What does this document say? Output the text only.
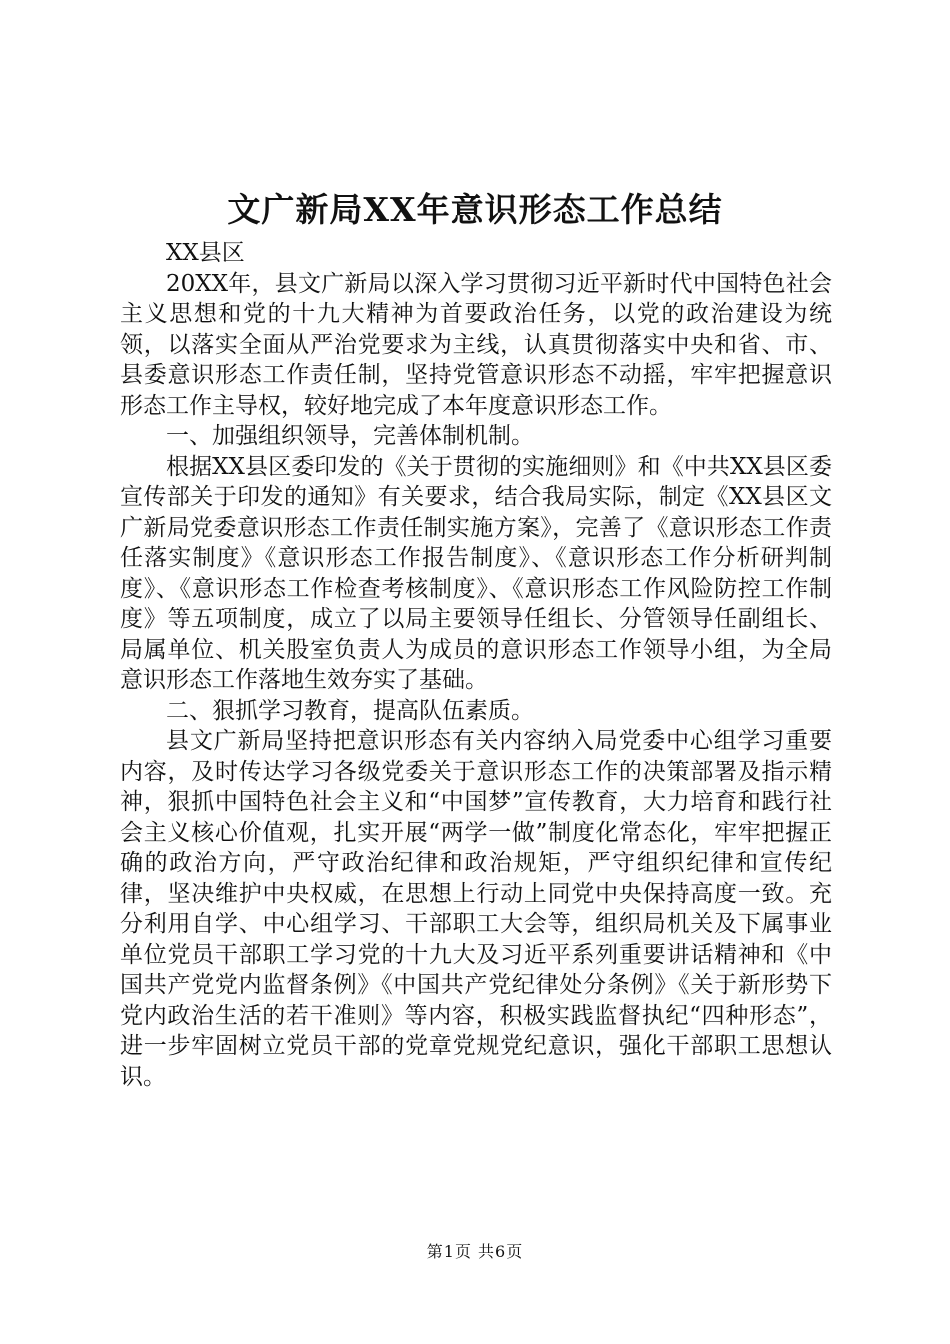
文广新局XX年意识形态工作总结

XX县区

20XX年，县文广新局以深入学习贯彻习近平新时代中国特色社会主义思想和党的十九大精神为首要政治任务，以党的政治建设为统领，以落实全面从严治党要求为主线，认真贯彻落实中央和省、市、县委意识形态工作责任制，坚持党管意识形态不动摇，牢牢把握意识形态工作主导权，较好地完成了本年度意识形态工作。

一、加强组织领导，完善体制机制。

根据XX县区委印发的《关于贯彻的实施细则》和《中共XX县区委宣传部关于印发的通知》有关要求，结合我局实际，制定《XX县区文广新局党委意识形态工作责任制实施方案》，完善了《意识形态工作责任落实制度》《意识形态工作报告制度》、《意识形态工作分析研判制度》、《意识形态工作检查考核制度》、《意识形态工作风险防控工作制度》等五项制度，成立了以局主要领导任组长、分管领导任副组长、局属单位、机关股室负责人为成员的意识形态工作领导小组，为全局意识形态工作落地生效夯实了基础。

二、狠抓学习教育，提高队伍素质。

县文广新局坚持把意识形态有关内容纳入局党委中心组学习重要内容，及时传达学习各级党委关于意识形态工作的决策部署及指示精神，狠抓中国特色社会主义和“中国梦”宣传教育，大力培育和践行社会主义核心价值观，扎实开展“两学一做”制度化常态化，牢牢把握正确的政治方向，严守政治纪律和政治规矩，严守组织纪律和宣传纪律，坚决维护中央权威，在思想上行动上同党中央保持高度一致。充分利用自学、中心组学习、干部职工大会等，组织局机关及下属事业单位党员干部职工学习党的十九大及习近平系列重要讲话精神和《中国共产党党内监督条例》《中国共产党纪律处分条例》《关于新形势下党内政治生活的若干准则》等内容，积极实践监督执纪“四种形态”，进一步牢固树立党员干部的党章党规党纪意识，强化干部职工思想认识。

第1页 共6页
